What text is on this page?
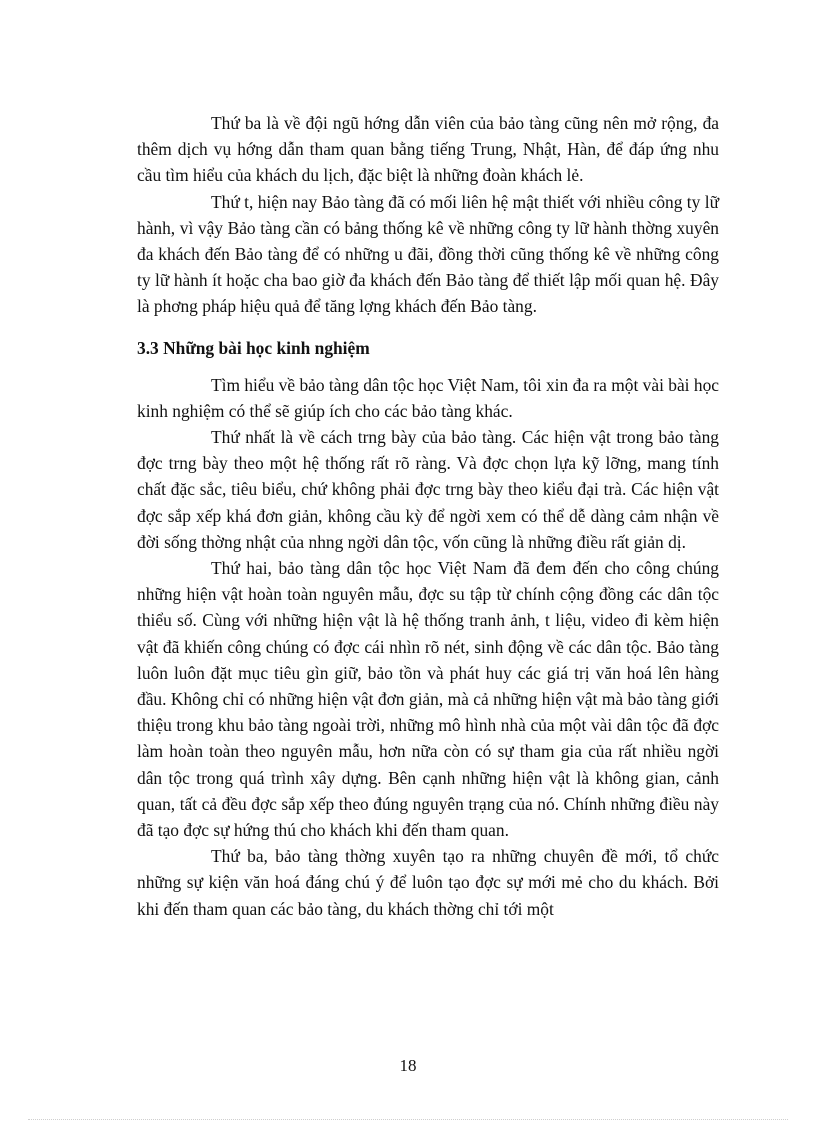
Thứ ba là về đội ngũ hớng dẫn viên của bảo tàng cũng nên mở rộng, đa thêm dịch vụ hớng dẫn tham quan bằng tiếng Trung, Nhật, Hàn, để đáp ứng nhu cầu tìm hiểu của khách du lịch, đặc biệt là những đoàn khách lẻ.

Thứ t, hiện nay Bảo tàng đã có mối liên hệ mật thiết với nhiều công ty lữ hành, vì vậy Bảo tàng cần có bảng thống kê về những công ty lữ hành thờng xuyên đa khách đến Bảo tàng để có những u đãi, đồng thời cũng thống kê về những công ty lữ hành ít hoặc cha bao giờ đa khách đến Bảo tàng để thiết lập mối quan hệ. Đây là phơng pháp hiệu quả để tăng lợng khách đến Bảo tàng.

3.3 Những bài học kinh nghiệm

Tìm hiểu về bảo tàng dân tộc học Việt Nam, tôi xin đa ra một vài bài học kinh nghiệm có thể sẽ giúp ích cho các bảo tàng khác.

Thứ nhất là về cách trng bày của bảo tàng. Các hiện vật trong bảo tàng đợc trng bày theo một hệ thống rất rõ ràng. Và đợc chọn lựa kỹ lỡng, mang tính chất đặc sắc, tiêu biểu, chứ không phải đợc trng bày theo kiểu đại trà. Các hiện vật đợc sắp xếp khá đơn giản, không cầu kỳ để ngời xem có thể dễ dàng cảm nhận về đời sống thờng nhật của nhng ngời dân tộc, vốn cũng là những điều rất giản dị.

Thứ hai, bảo tàng dân tộc học Việt Nam đã đem đến cho công chúng những hiện vật hoàn toàn nguyên mẫu, đợc su tập từ chính cộng đồng các dân tộc thiểu số. Cùng với những hiện vật là hệ thống tranh ảnh, t liệu, video đi kèm hiện vật đã khiến công chúng có đợc cái nhìn rõ nét, sinh động về các dân tộc. Bảo tàng luôn luôn đặt mục tiêu gìn giữ, bảo tồn và phát huy các giá trị văn hoá lên hàng đầu. Không chỉ có những hiện vật đơn giản, mà cả những hiện vật mà bảo tàng giới thiệu trong khu bảo tàng ngoài trời, những mô hình nhà của một vài dân tộc đã đợc làm hoàn toàn theo nguyên mẫu, hơn nữa còn có sự tham gia của rất nhiều ngời dân tộc trong quá trình xây dựng. Bên cạnh những hiện vật là không gian, cảnh quan, tất cả đều đợc sắp xếp theo đúng nguyên trạng của nó. Chính những điều này đã tạo đợc sự hứng thú cho khách khi đến tham quan.

Thứ ba, bảo tàng thờng xuyên tạo ra những chuyên đề mới, tổ chức những sự kiện văn hoá đáng chú ý để luôn tạo đợc sự mới mẻ cho du khách. Bởi khi đến tham quan các bảo tàng, du khách thờng chỉ tới một

18
